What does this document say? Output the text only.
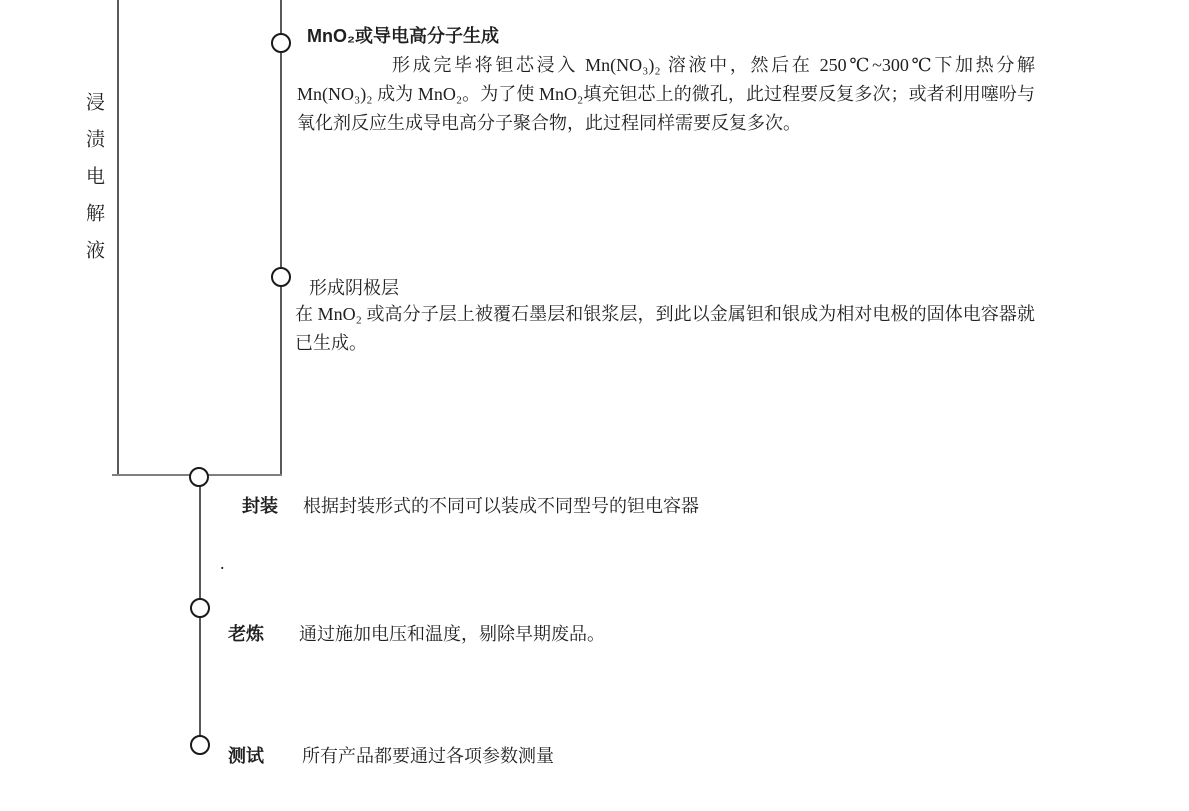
浸渍电解液
MnO₂或导电高分子生成
形成完毕将钽芯浸入 Mn(NO₃)₂ 溶液中，然后在 250℃~300℃下加热分解 Mn(NO₃)₂ 成为 MnO₂。为了使 MnO₂填充钽芯上的微孔，此过程要反复多次；或者利用噻吩与氧化剂反应生成导电高分子聚合物，此过程同样需要反复多次。
形成阴极层
在 MnO₂ 或高分子层上被覆石墨层和银浆层，到此以金属钽和银成为相对电极的固体电容器就已生成。
封装 根据封装形式的不同可以装成不同型号的钽电容器
.
老炼 通过施加电压和温度，剔除早期废品。
测试 所有产品都要通过各项参数测量
